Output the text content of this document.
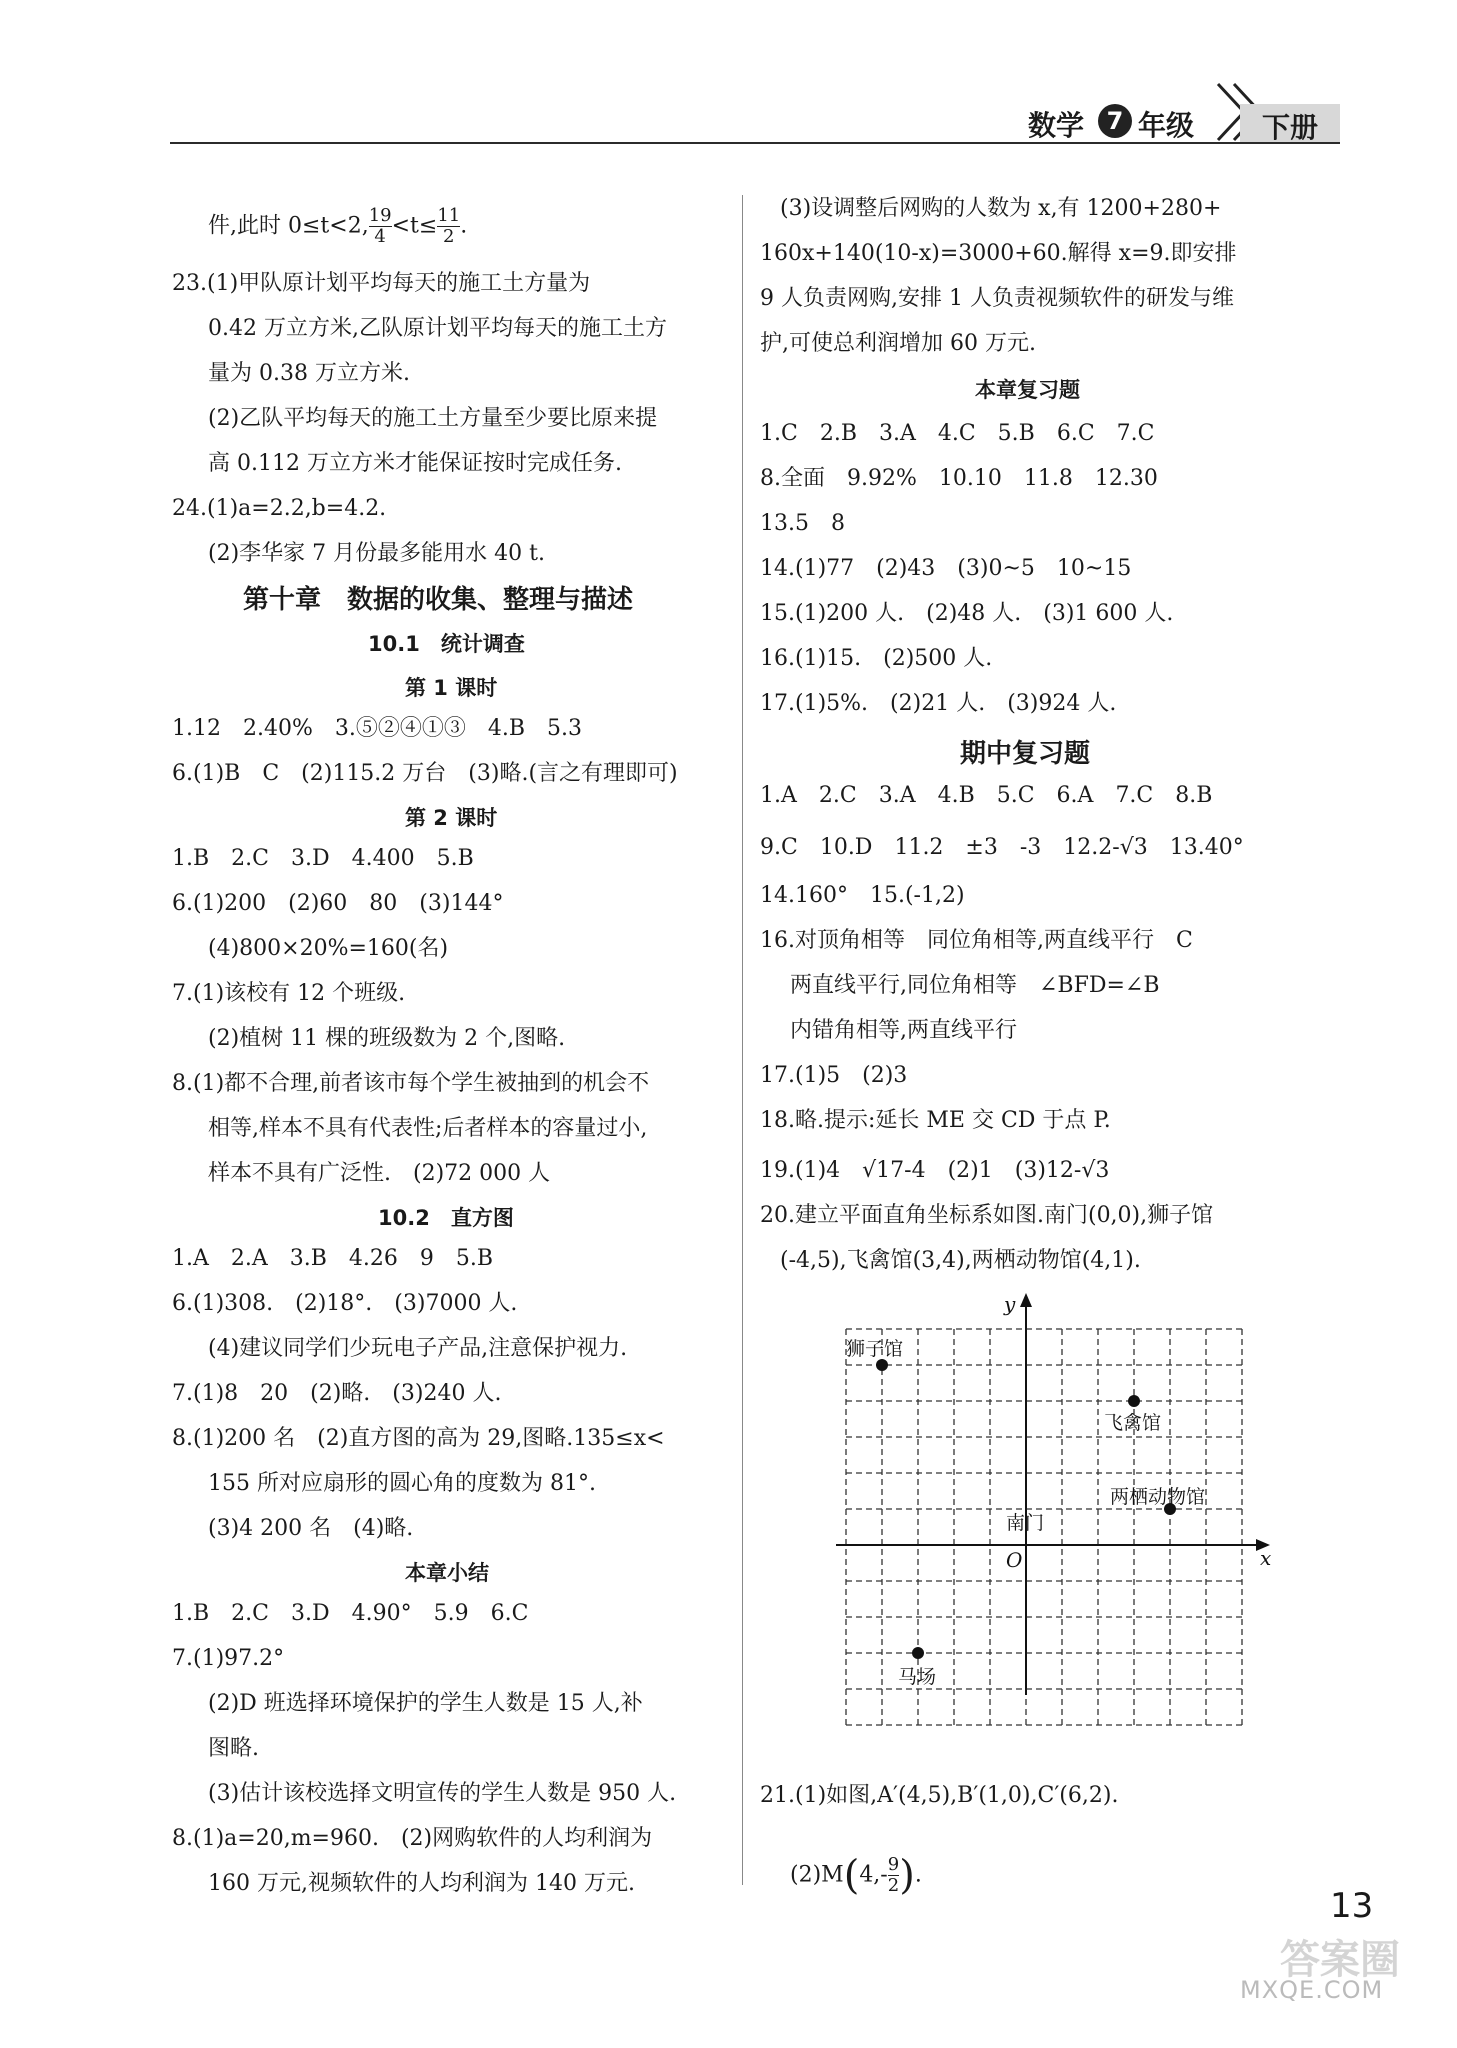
数学 7 年级 下册
件,此时 0≤t<2, $\frac{19}{4} <t\le \frac{11}{2}$ .
23.(1)甲队原计划平均每天的施工土方量为
0.42 万立方米,乙队原计划平均每天的施工土方
量为 0.38 万立方米.
(2)乙队平均每天的施工土方量至少要比原来提
高 0.112 万立方米才能保证按时完成任务.
24.(1)a=2.2,b=4.2.
(2)李华家 7 月份最多能用水 40 t.
第十章　数据的收集、整理与描述
10.1　统计调查
第 1 课时
1.12　2.40%　3.⑤②④①③　4.B　5.3
6.(1)B　C　(2)115.2 万台　(3)略.(言之有理即可)
第 2 课时
1.B　2.C　3.D　4.400　5.B
6.(1)200　(2)60　80　(3)144°
(4)800×20%=160(名)
7.(1)该校有 12 个班级.
(2)植树 11 棵的班级数为 2 个,图略.
8.(1)都不合理,前者该市每个学生被抽到的机会不
相等,样本不具有代表性;后者样本的容量过小,
样本不具有广泛性.　(2)72 000 人
10.2　直方图
1.A　2.A　3.B　4.26　9　5.B
6.(1)308.　(2)18°.　(3)7000 人.
(4)建议同学们少玩电子产品,注意保护视力.
7.(1)8　20　(2)略.　(3)240 人.
8.(1)200 名　(2)直方图的高为 29,图略.135≤x<
155 所对应扇形的圆心角的度数为 81°.
(3)4 200 名　(4)略.
本章小结
1.B　2.C　3.D　4.90°　5.9　6.C
7.(1)97.2°
(2)D 班选择环境保护的学生人数是 15 人,补
图略.
(3)估计该校选择文明宣传的学生人数是 950 人.
8.(1)a=20,m=960.　(2)网购软件的人均利润为
160 万元,视频软件的人均利润为 140 万元.
(3)设调整后网购的人数为 x,有 1200+280+
160x+140(10-x)=3000+60.解得 x=9.即安排
9 人负责网购,安排 1 人负责视频软件的研发与维
护,可使总利润增加 60 万元.
本章复习题
1.C　2.B　3.A　4.C　5.B　6.C　7.C
8.全面　9.92%　10.10　11.8　12.30
13.5　8
14.(1)77　(2)43　(3)0~5　10~15
15.(1)200 人.　(2)48 人.　(3)1 600 人.
16.(1)15.　(2)500 人.
17.(1)5%.　(2)21 人.　(3)924 人.
期中复习题
1.A　2.C　3.A　4.B　5.C　6.A　7.C　8.B
9.C　10.D　11.2　±3　-3　12.2-√3　13.40°
14.160°　15.(-1,2)
16.对顶角相等　同位角相等,两直线平行　C
两直线平行,同位角相等　∠BFD=∠B
内错角相等,两直线平行
17.(1)5　(2)3
18.略.提示:延长 ME 交 CD 于点 P.
19.(1)4　√17-4　(2)1　(3)12-√3
20.建立平面直角坐标系如图.南门(0,0),狮子馆
(-4,5),飞禽馆(3,4),两栖动物馆(4,1).
x
y
O
狮子馆
飞禽馆
两栖动物馆
南门
马场
21.(1)如图,A′(4,5),B′(1,0),C′(6,2).
$(2)M(4,- \frac{9}{2}$ ).
13
答案圈
MXQE.COM
